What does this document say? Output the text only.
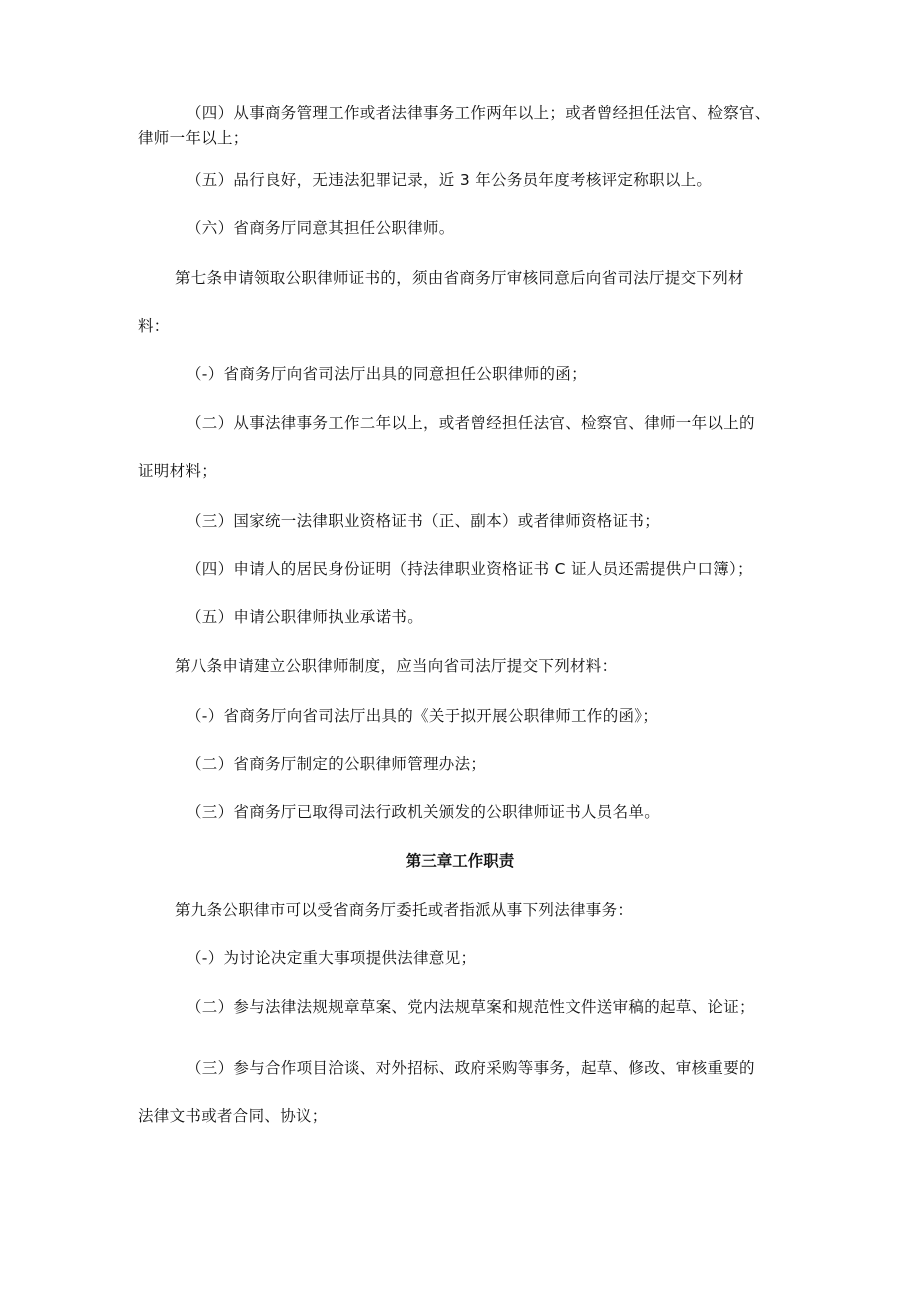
（四）从事商务管理工作或者法律事务工作两年以上；或者曾经担任法官、检察官、
律师一年以上；
（五）品行良好，无违法犯罪记录，近 3 年公务员年度考核评定称职以上。
（六）省商务厅同意其担任公职律师。
第七条申请领取公职律师证书的，须由省商务厅审核同意后向省司法厅提交下列材
料：
（-）省商务厅向省司法厅出具的同意担任公职律师的函；
（二）从事法律事务工作二年以上，或者曾经担任法官、检察官、律师一年以上的
证明材料；
（三）国家统一法律职业资格证书（正、副本）或者律师资格证书；
（四）申请人的居民身份证明（持法律职业资格证书 C 证人员还需提供户口簿）；
（五）申请公职律师执业承诺书。
第八条申请建立公职律师制度，应当向省司法厅提交下列材料：
（-）省商务厅向省司法厅出具的《关于拟开展公职律师工作的函》；
（二）省商务厅制定的公职律师管理办法；
（三）省商务厅已取得司法行政机关颁发的公职律师证书人员名单。
第三章工作职责
第九条公职律市可以受省商务厅委托或者指派从事下列法律事务：
（-）为讨论决定重大事项提供法律意见；
（二）参与法律法规规章草案、党内法规草案和规范性文件送审稿的起草、论证；
（三）参与合作项目洽谈、对外招标、政府采购等事务，起草、修改、审核重要的
法律文书或者合同、协议；
